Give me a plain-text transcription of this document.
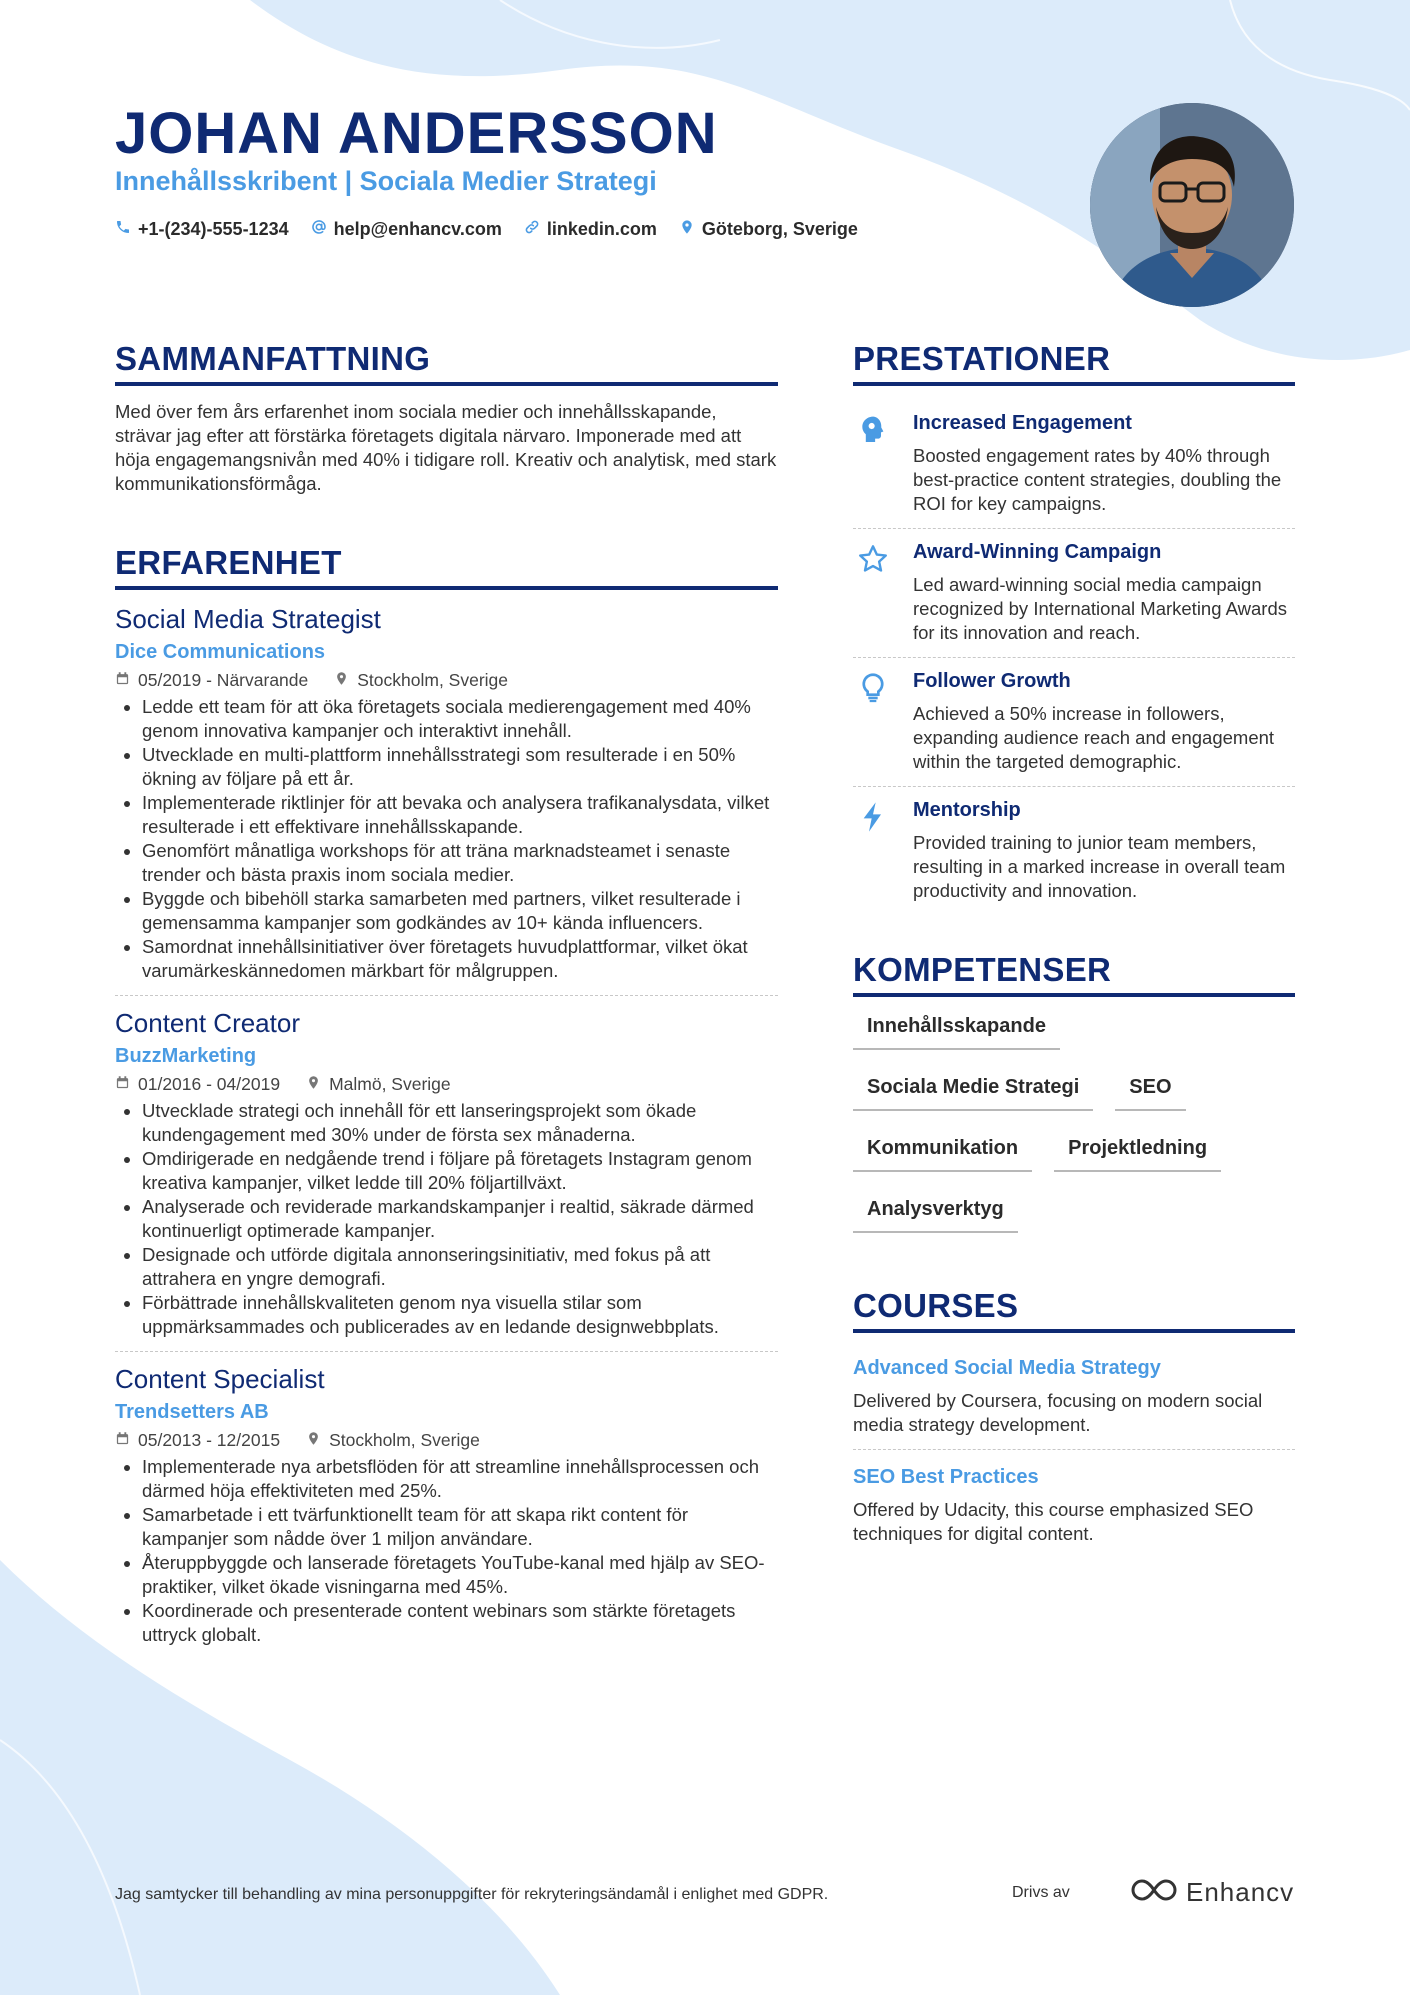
JOHAN ANDERSSON
Innehållsskribent | Sociala Medier Strategi
+1-(234)-555-1234	help@enhancv.com	linkedin.com	Göteborg, Sverige
SAMMANFATTNING

Med över fem års erfarenhet inom sociala medier och innehållsskapande, strävar jag efter att förstärka företagets digitala närvaro. Imponerade med att höja engagemangsnivån med 40% i tidigare roll. Kreativ och analytisk, med stark kommunikationsförmåga.

ERFARENHET
Social Media Strategist
Dice Communications
05/2019 - Närvarande	Stockholm, Sverige
• Ledde ett team för att öka företagets sociala medierengagement med 40% genom innovativa kampanjer och interaktivt innehåll.
• Utvecklade en multi-plattform innehållsstrategi som resulterade i en 50% ökning av följare på ett år.
• Implementerade riktlinjer för att bevaka och analysera trafikanalysdata, vilket resulterade i ett effektivare innehållsskapande.
• Genomfört månatliga workshops för att träna marknadsteamet i senaste trender och bästa praxis inom sociala medier.
• Byggde och bibehöll starka samarbeten med partners, vilket resulterade i gemensamma kampanjer som godkändes av 10+ kända influencers.
• Samordnat innehållsinitiativer över företagets huvudplattformar, vilket ökat varumärkeskännedomen märkbart för målgruppen.
Content Creator
BuzzMarketing
01/2016 - 04/2019	Malmö, Sverige
• Utvecklade strategi och innehåll för ett lanseringsprojekt som ökade kundengagement med 30% under de första sex månaderna.
• Omdirigerade en nedgående trend i följare på företagets Instagram genom kreativa kampanjer, vilket ledde till 20% följartillväxt.
• Analyserade och reviderade markandskampanjer i realtid, säkrade därmed kontinuerligt optimerade kampanjer.
• Designade och utförde digitala annonseringsinitiativ, med fokus på att attrahera en yngre demografi.
• Förbättrade innehållskvaliteten genom nya visuella stilar som uppmärksammades och publicerades av en ledande designwebbplats.
Content Specialist
Trendsetters AB
05/2013 - 12/2015	Stockholm, Sverige
• Implementerade nya arbetsflöden för att streamline innehållsprocessen och därmed höja effektiviteten med 25%.
• Samarbetade i ett tvärfunktionellt team för att skapa rikt content för kampanjer som nådde över 1 miljon användare.
• Återuppbyggde och lanserade företagets YouTube-kanal med hjälp av SEO-praktiker, vilket ökade visningarna med 45%.
• Koordinerade och presenterade content webinars som stärkte företagets uttryck globalt.
PRESTATIONER
Increased Engagement
Boosted engagement rates by 40% through best-practice content strategies, doubling the ROI for key campaigns.
Award-Winning Campaign
Led award-winning social media campaign recognized by International Marketing Awards for its innovation and reach.
Follower Growth
Achieved a 50% increase in followers, expanding audience reach and engagement within the targeted demographic.
Mentorship
Provided training to junior team members, resulting in a marked increase in overall team productivity and innovation.
KOMPETENSER
Innehållsskapande
Sociala Medie Strategi	SEO
Kommunikation	Projektledning
Analysverktyg
COURSES
Advanced Social Media Strategy
Delivered by Coursera, focusing on modern social media strategy development.
SEO Best Practices
Offered by Udacity, this course emphasized SEO techniques for digital content.
Jag samtycker till behandling av mina personuppgifter för rekryteringsändamål i enlighet med GDPR.	Drivs av	Enhancv
